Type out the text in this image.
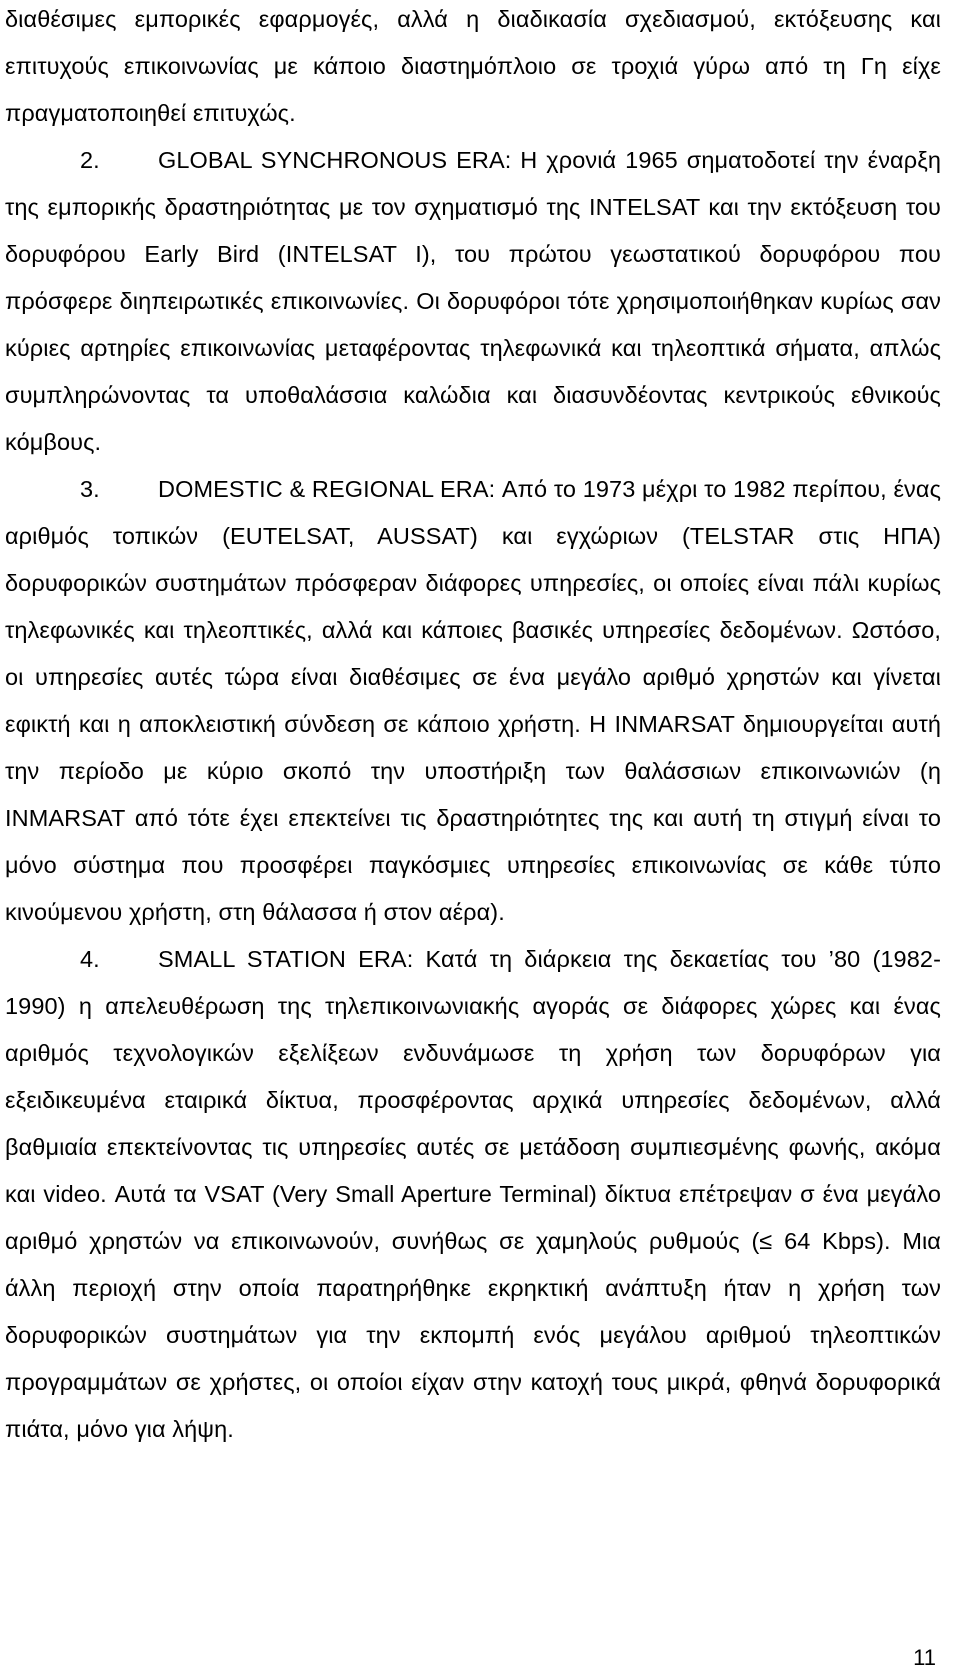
διαθέσιμες εμπορικές εφαρμογές, αλλά η διαδικασία σχεδιασμού, εκτόξευσης και επιτυχούς επικοινωνίας με κάποιο διαστημόπλοιο σε τροχιά γύρω από τη Γη είχε πραγματοποιηθεί επιτυχώς.

2. GLOBAL SYNCHRONOUS ERA: Η χρονιά 1965 σηματοδοτεί την έναρξη της εμπορικής δραστηριότητας με τον σχηματισμό της INTELSAT και την εκτόξευση του δορυφόρου Early Bird (INTELSAT I), του πρώτου γεωστατικού δορυφόρου που πρόσφερε διηπειρωτικές επικοινωνίες. Οι δορυφόροι τότε χρησιμοποιήθηκαν κυρίως σαν κύριες αρτηρίες επικοινωνίας μεταφέροντας τηλεφωνικά και τηλεοπτικά σήματα, απλώς συμπληρώνοντας τα υποθαλάσσια καλώδια και διασυνδέοντας κεντρικούς εθνικούς κόμβους.

3. DOMESTIC & REGIONAL ERA: Από το 1973 μέχρι το 1982 περίπου, ένας αριθμός τοπικών (EUTELSAT, AUSSAT) και εγχώριων (TELSTAR στις ΗΠΑ) δορυφορικών συστημάτων πρόσφεραν διάφορες υπηρεσίες, οι οποίες είναι πάλι κυρίως τηλεφωνικές και τηλεοπτικές, αλλά και κάποιες βασικές υπηρεσίες δεδομένων. Ωστόσο, οι υπηρεσίες αυτές τώρα είναι διαθέσιμες σε ένα μεγάλο αριθμό χρηστών και γίνεται εφικτή και η αποκλειστική σύνδεση σε κάποιο χρήστη. Η INMARSAT δημιουργείται αυτή την περίοδο με κύριο σκοπό την υποστήριξη των θαλάσσιων επικοινωνιών (η INMARSAT από τότε έχει επεκτείνει τις δραστηριότητες της και αυτή τη στιγμή είναι το μόνο σύστημα που προσφέρει παγκόσμιες υπηρεσίες επικοινωνίας σε κάθε τύπο κινούμενου χρήστη, στη θάλασσα ή στον αέρα).

4. SMALL STATION ERA: Κατά τη διάρκεια της δεκαετίας του ’80 (1982-1990) η απελευθέρωση της τηλεπικοινωνιακής αγοράς σε διάφορες χώρες και ένας αριθμός τεχνολογικών εξελίξεων ενδυνάμωσε τη χρήση των δορυφόρων για εξειδικευμένα εταιρικά δίκτυα, προσφέροντας αρχικά υπηρεσίες δεδομένων, αλλά βαθμιαία επεκτείνοντας τις υπηρεσίες αυτές σε μετάδοση συμπιεσμένης φωνής, ακόμα και video. Αυτά τα VSAT (Very Small Aperture Terminal) δίκτυα επέτρεψαν σ ένα μεγάλο αριθμό χρηστών να επικοινωνούν, συνήθως σε χαμηλούς ρυθμούς (≤ 64 Kbps). Μια άλλη περιοχή στην οποία παρατηρήθηκε εκρηκτική ανάπτυξη ήταν η χρήση των δορυφορικών συστημάτων για την εκπομπή ενός μεγάλου αριθμού τηλεοπτικών προγραμμάτων σε χρήστες, οι οποίοι είχαν στην κατοχή τους μικρά, φθηνά δορυφορικά πιάτα, μόνο για λήψη.

11
